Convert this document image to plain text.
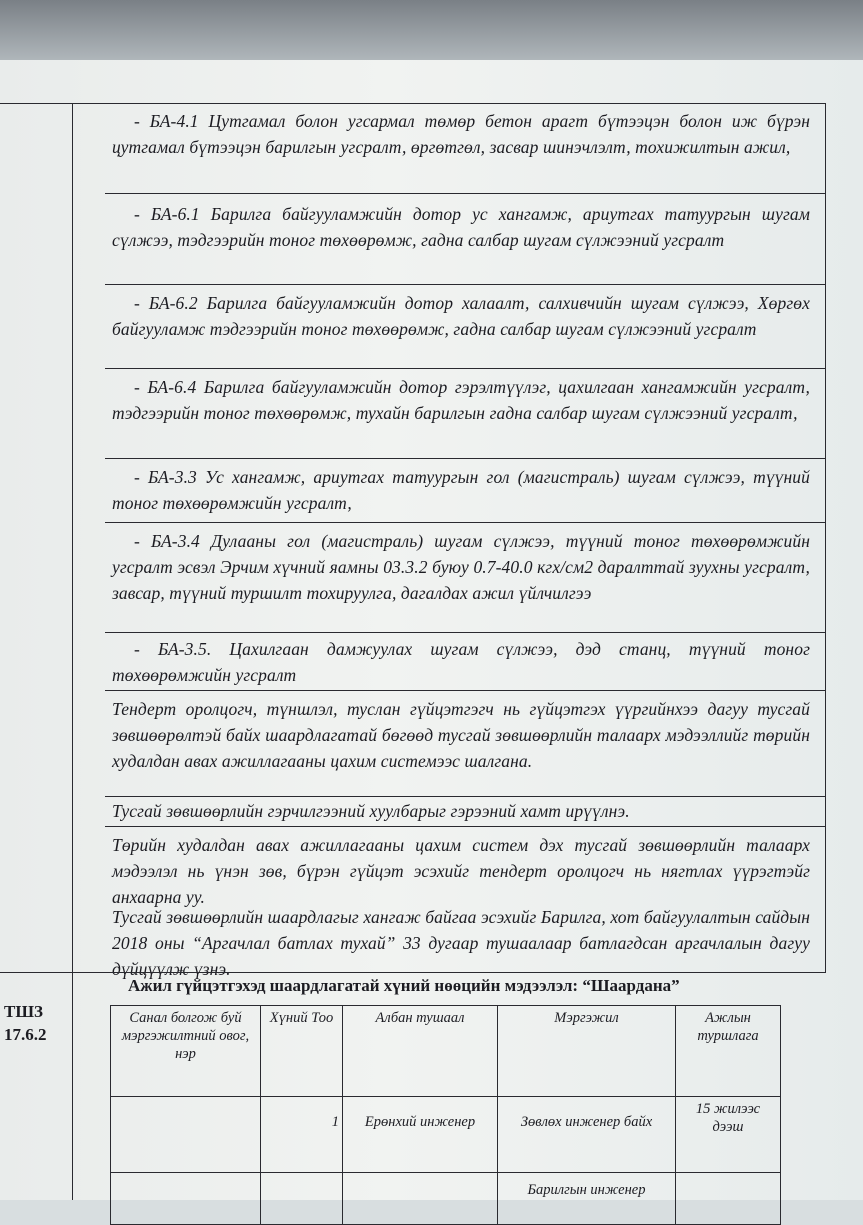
- БА-4.1 Цутгамал болон угсармал төмөр бетон арагт бүтээцэн болон иж бүрэн цутгамал бүтээцэн барилгын угсралт, өргөтгөл, засвар шинэчлэлт, тохижилтын ажил,
- БА-6.1 Барилга байгууламжийн дотор ус хангамж, ариутгах татуургын шугам сүлжээ, тэдгээрийн тоног төхөөрөмж, гадна салбар шугам сүлжээний угсралт
- БА-6.2 Барилга байгууламжийн дотор халаалт, салхивчийн шугам сүлжээ, Хөргөх байгууламж тэдгээрийн тоног төхөөрөмж, гадна салбар шугам сүлжээний угсралт
- БА-6.4 Барилга байгууламжийн дотор гэрэлтүүлэг, цахилгаан хангамжийн угсралт, тэдгээрийн тоног төхөөрөмж, тухайн барилгын гадна салбар шугам сүлжээний угсралт,
- БА-3.3 Ус хангамж, ариутгах татуургын гол (магистраль) шугам сүлжээ, түүний тоног төхөөрөмжийн угсралт,
- БА-3.4 Дулааны гол (магистраль) шугам сүлжээ, түүний тоног төхөөрөмжийн угсралт эсвэл Эрчим хүчний яамны 03.3.2 буюу 0.7-40.0 кгх/см2 даралттай зуухны угсралт, завсар, түүний туршилт тохируулга, дагалдах ажил үйлчилгээ
- БА-3.5. Цахилгаан дамжуулах шугам сүлжээ, дэд станц, түүний тоног төхөөрөмжийн угсралт
Тендерт оролцогч, түншлэл, туслан гүйцэтгэгч нь гүйцэтгэх үүргийнхээ дагуу тусгай зөвшөөрөлтэй байх шаардлагатай бөгөөд тусгай зөвшөөрлийн талаарх мэдээллийг төрийн худалдан авах ажиллагааны цахим системээс шалгана.
Тусгай зөвшөөрлийн гэрчилгээний хуулбарыг гэрээний хамт ирүүлнэ.
Төрийн худалдан авах ажиллагааны цахим систем дэх тусгай зөвшөөрлийн талаарх мэдээлэл нь үнэн зөв, бүрэн гүйцэт эсэхийг тендерт оролцогч нь нягтлах үүрэгтэйг анхаарна уу.
Тусгай зөвшөөрлийн шаардлагыг хангаж байгаа эсэхийг Барилга, хот байгуулалтын сайдын 2018 оны “Аргачлал батлах тухай” 33 дугаар тушаалаар батлагдсан аргачлалын дагуу дүйцүүлж үзнэ.
ТШЗ 17.6.2
Ажил гүйцэтгэхэд шаардлагатай хүний нөөцийн мэдээлэл: “Шаардана”
Санал болгож буй мэргэжилтний овог, нэр	Хүний Тоо	Албан тушаал	Мэргэжил	Ажлын туршлага
	1	Ерөнхий инженер	Зөвлөх инженер байх	15 жилээс дээш
			Барилгын инженер	
